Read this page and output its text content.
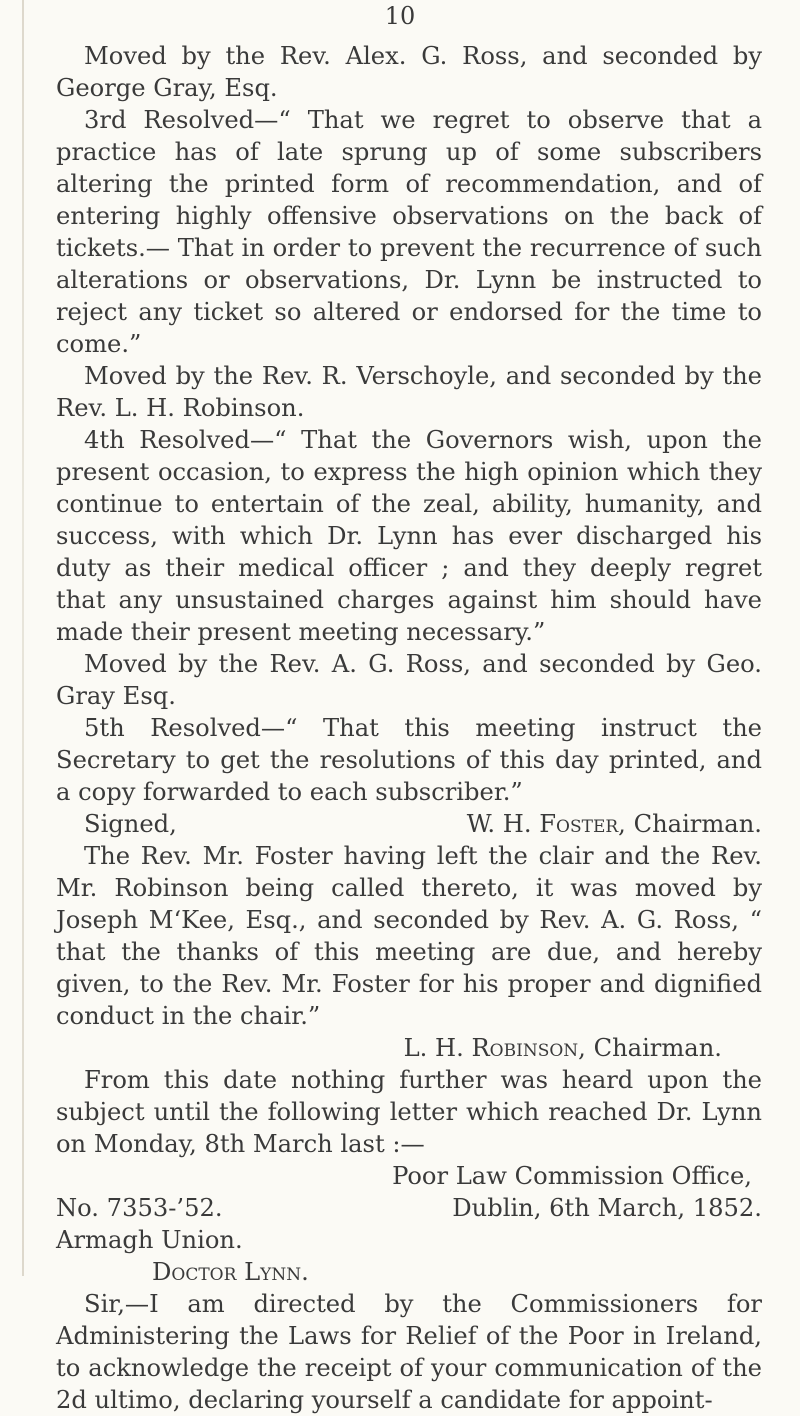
10

Moved by the Rev. Alex. G. Ross, and seconded by George Gray, Esq.

3rd Resolved—“ That we regret to observe that a practice has of late sprung up of some subscribers altering the printed form of recommendation, and of entering highly offensive observations on the back of tickets.— That in order to prevent the recurrence of such alterations or observations, Dr. Lynn be instructed to reject any ticket so altered or endorsed for the time to come.”

Moved by the Rev. R. Verschoyle, and seconded by the Rev. L. H. Robinson.

4th Resolved—“ That the Governors wish, upon the present occasion, to express the high opinion which they continue to entertain of the zeal, ability, humanity, and success, with which Dr. Lynn has ever discharged his duty as their medical officer ; and they deeply regret that any unsustained charges against him should have made their present meeting necessary.”

Moved by the Rev. A. G. Ross, and seconded by Geo. Gray Esq.

5th Resolved—“ That this meeting instruct the Secretary to get the resolutions of this day printed, and a copy forwarded to each subscriber.”

Signed,	W. H. Foster, Chairman.

The Rev. Mr. Foster having left the clair and the Rev. Mr. Robinson being called thereto, it was moved by Joseph M‘Kee, Esq., and seconded by Rev. A. G. Ross, “ that the thanks of this meeting are due, and hereby given, to the Rev. Mr. Foster for his proper and dignified conduct in the chair.”

L. H. Robinson, Chairman.

From this date nothing further was heard upon the subject until the following letter which reached Dr. Lynn on Monday, 8th March last :—

Poor Law Commission Office,
No. 7353-’52.	Dublin, 6th March, 1852.
Armagh Union.
Doctor Lynn.

Sir,—I am directed by the Commissioners for Administering the Laws for Relief of the Poor in Ireland, to acknowledge the receipt of your communication of the 2d ultimo, declaring yourself a candidate for appoint-
